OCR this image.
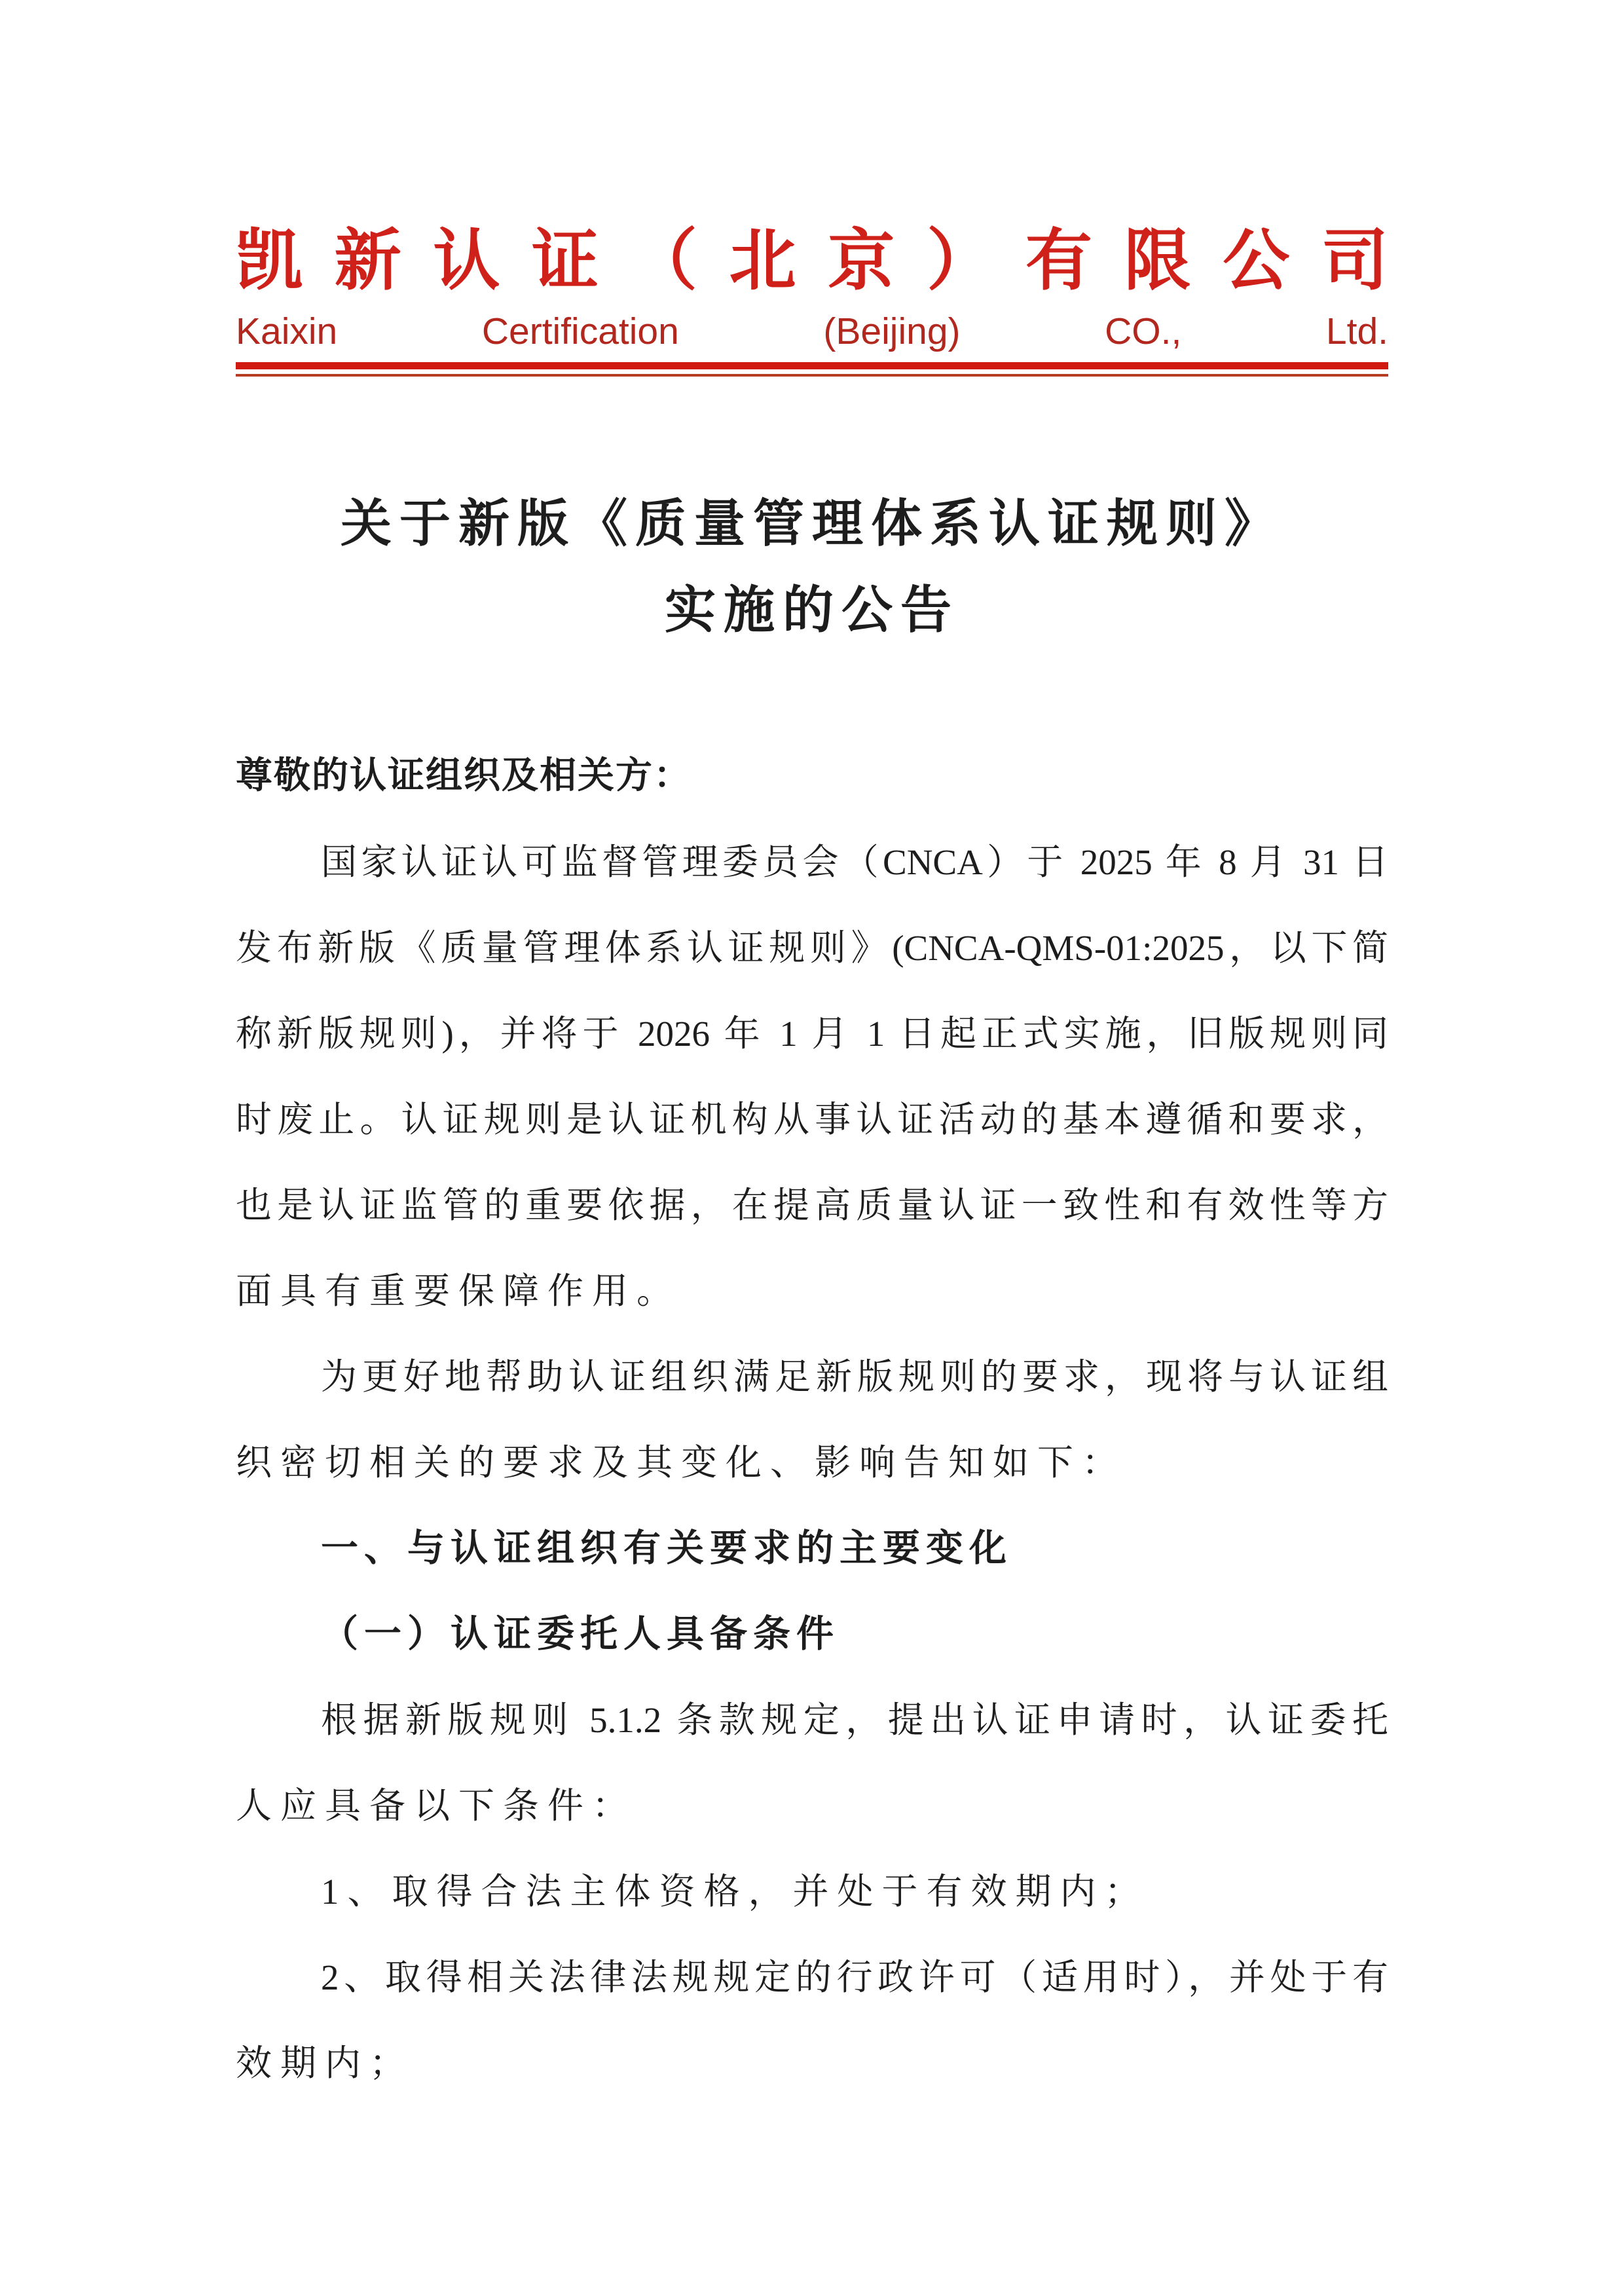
凯新认证（北京）有限公司
Kaixin Certification (Beijing) CO., Ltd.
关于新版《质量管理体系认证规则》
实施的公告
尊敬的认证组织及相关方：
国家认证认可监督管理委员会（CNCA）于 2025 年 8 月 31 日
发布新版《质量管理体系认证规则》(CNCA-QMS-01:2025，以下简
称新版规则)，并将于 2026 年 1 月 1 日起正式实施，旧版规则同
时废止。认证规则是认证机构从事认证活动的基本遵循和要求，
也是认证监管的重要依据，在提高质量认证一致性和有效性等方
面具有重要保障作用。
为更好地帮助认证组织满足新版规则的要求，现将与认证组
织密切相关的要求及其变化、影响告知如下：
一、与认证组织有关要求的主要变化
（一）认证委托人具备条件
根据新版规则 5.1.2 条款规定，提出认证申请时，认证委托
人应具备以下条件：
1、取得合法主体资格，并处于有效期内；
2、取得相关法律法规规定的行政许可（适用时），并处于有
效期内；
